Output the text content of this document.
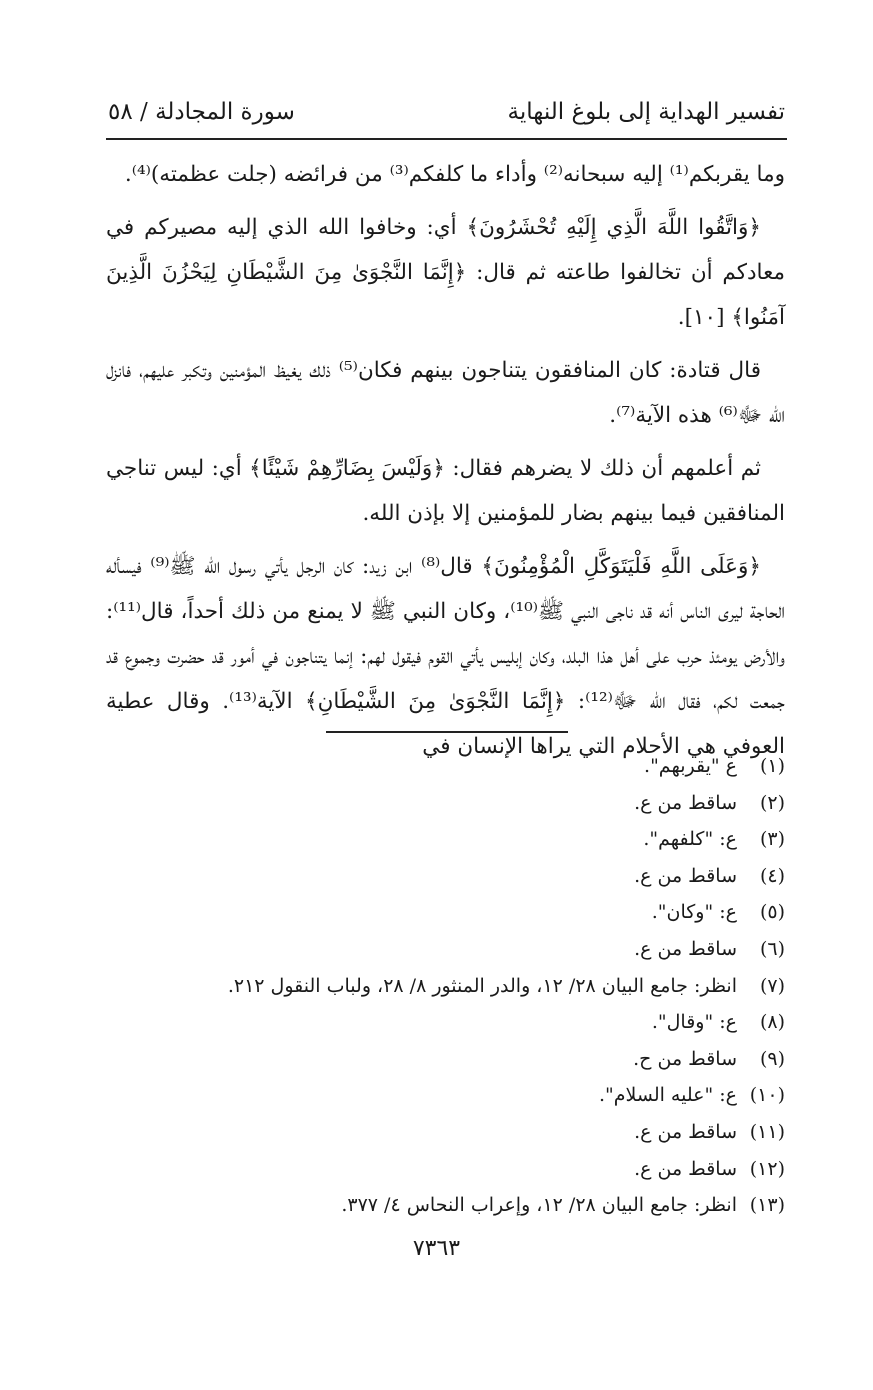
تفسير الهداية إلى بلوغ النهاية
سورة المجادلة / ٥٨

وما يقربكم⁽¹⁾ إليه سبحانه⁽²⁾ وأداء ما كلفكم⁽³⁾ من فرائضه (جلت عظمته)⁽⁴⁾.

﴿وَاتَّقُوا اللَّهَ الَّذِي إِلَيْهِ تُحْشَرُونَ﴾ أي: وخافوا الله الذي إليه مصيركم في معادكم أن تخالفوا طاعته ثم قال: ﴿إِنَّمَا النَّجْوَىٰ مِنَ الشَّيْطَانِ لِيَحْزُنَ الَّذِينَ آمَنُوا﴾ [١٠].

قال قتادة: كان المنافقون يتناجون بينهم فكان⁽⁵⁾ ذلك يغيظ المؤمنين وتكبر عليهم، فانزل الله ﷻ⁽⁶⁾ هذه الآية⁽⁷⁾.

ثم أعلمهم أن ذلك لا يضرهم فقال: ﴿وَلَيْسَ بِضَارِّهِمْ شَيْئًا﴾ أي: ليس تناجي المنافقين فيما بينهم بضار للمؤمنين إلا بإذن الله.

﴿وَعَلَى اللَّهِ فَلْيَتَوَكَّلِ الْمُؤْمِنُونَ﴾ قال⁽⁸⁾ ابن زيد: كان الرجل يأتي رسول الله ﷺ⁽⁹⁾ فيسأله الحاجة ليرى الناس أنه قد ناجى النبي ﷺ⁽¹⁰⁾، وكان النبي ﷺ لا يمنع من ذلك أحداً، قال⁽¹¹⁾: والأرض يومئذ حرب على أهل هذا البلد، وكان إبليس يأتي القوم فيقول لهم: إنما يتناجون في أمور قد حضرت وجموع قد جمعت لكم، فقال الله ﷻ⁽¹²⁾: ﴿إِنَّمَا النَّجْوَىٰ مِنَ الشَّيْطَانِ﴾ الآية⁽¹³⁾. وقال عطية العوفي هي الأحلام التي يراها الإنسان في

(١)
ع "يقربهم".
(٢)
ساقط من ع.
(٣)
ع: "كلفهم".
(٤)
ساقط من ع.
(٥)
ع: "وكان".
(٦)
ساقط من ع.
(٧)
انظر: جامع البيان ٢٨/ ١٢، والدر المنثور ٨/ ٢٨، ولباب النقول ٢١٢.
(٨)
ع: "وقال".
(٩)
ساقط من ح.
(١٠)
ع: "عليه السلام".
(١١)
ساقط من ع.
(١٢)
ساقط من ع.
(١٣)
انظر: جامع البيان ٢٨/ ١٢، وإعراب النحاس ٤/ ٣٧٧.
٧٣٦٣
